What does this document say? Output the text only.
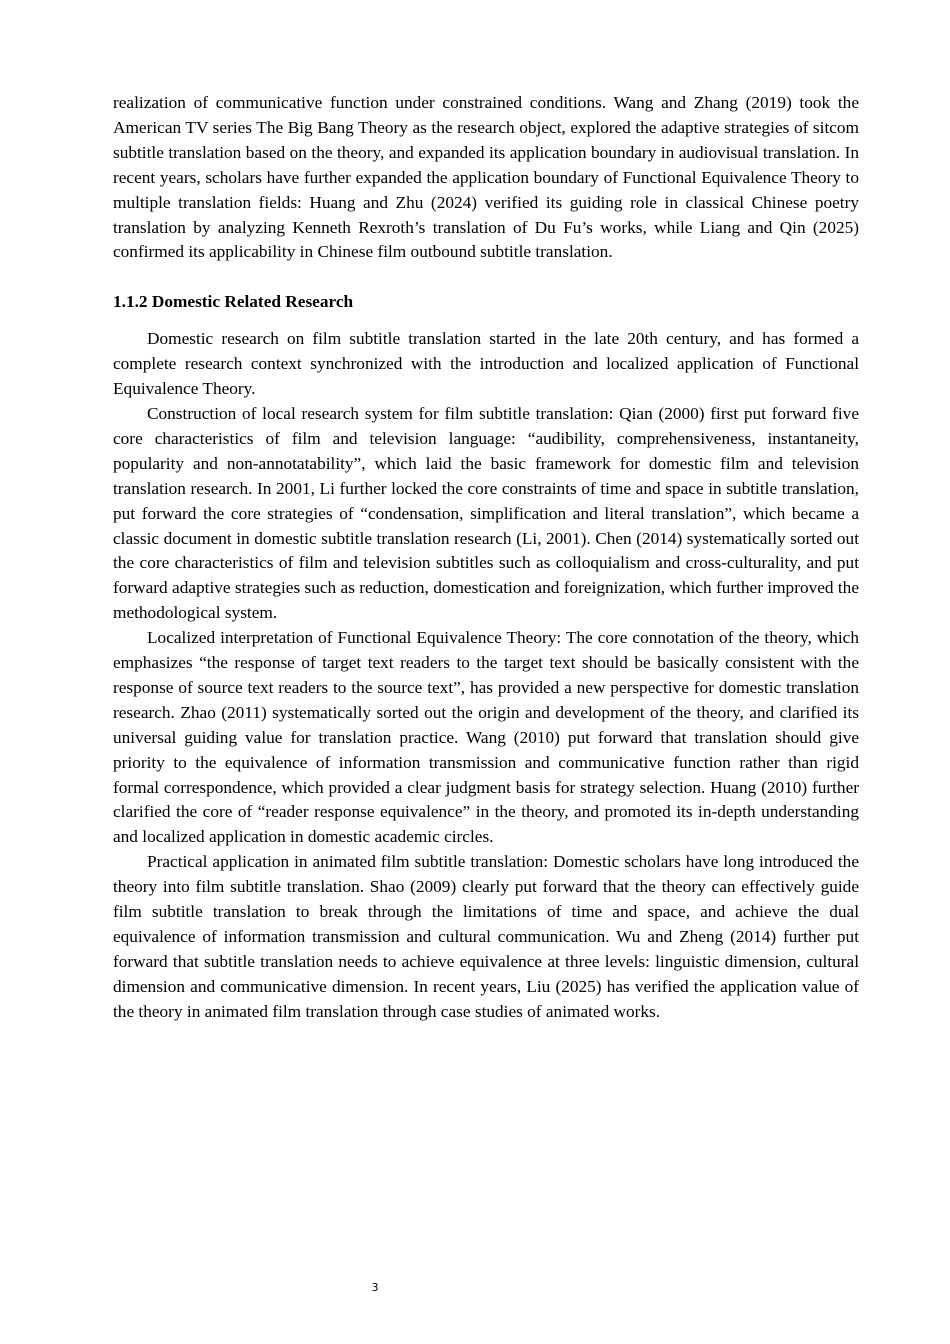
realization of communicative function under constrained conditions. Wang and Zhang (2019) took the American TV series The Big Bang Theory as the research object, explored the adaptive strategies of sitcom subtitle translation based on the theory, and expanded its application boundary in audiovisual translation. In recent years, scholars have further expanded the application boundary of Functional Equivalence Theory to multiple translation fields: Huang and Zhu (2024) verified its guiding role in classical Chinese poetry translation by analyzing Kenneth Rexroth’s translation of Du Fu’s works, while Liang and Qin (2025) confirmed its applicability in Chinese film outbound subtitle translation.

1.1.2 Domestic Related Research

Domestic research on film subtitle translation started in the late 20th century, and has formed a complete research context synchronized with the introduction and localized application of Functional Equivalence Theory.

Construction of local research system for film subtitle translation: Qian (2000) first put forward five core characteristics of film and television language: “audibility, comprehensiveness, instantaneity, popularity and non-annotatability”, which laid the basic framework for domestic film and television translation research. In 2001, Li further locked the core constraints of time and space in subtitle translation, put forward the core strategies of “condensation, simplification and literal translation”, which became a classic document in domestic subtitle translation research (Li, 2001). Chen (2014) systematically sorted out the core characteristics of film and television subtitles such as colloquialism and cross-culturality, and put forward adaptive strategies such as reduction, domestication and foreignization, which further improved the methodological system.

Localized interpretation of Functional Equivalence Theory: The core connotation of the theory, which emphasizes “the response of target text readers to the target text should be basically consistent with the response of source text readers to the source text”, has provided a new perspective for domestic translation research. Zhao (2011) systematically sorted out the origin and development of the theory, and clarified its universal guiding value for translation practice. Wang (2010) put forward that translation should give priority to the equivalence of information transmission and communicative function rather than rigid formal correspondence, which provided a clear judgment basis for strategy selection. Huang (2010) further clarified the core of “reader response equivalence” in the theory, and promoted its in-depth understanding and localized application in domestic academic circles.

Practical application in animated film subtitle translation: Domestic scholars have long introduced the theory into film subtitle translation. Shao (2009) clearly put forward that the theory can effectively guide film subtitle translation to break through the limitations of time and space, and achieve the dual equivalence of information transmission and cultural communication. Wu and Zheng (2014) further put forward that subtitle translation needs to achieve equivalence at three levels: linguistic dimension, cultural dimension and communicative dimension. In recent years, Liu (2025) has verified the application value of the theory in animated film translation through case studies of animated works.

3
